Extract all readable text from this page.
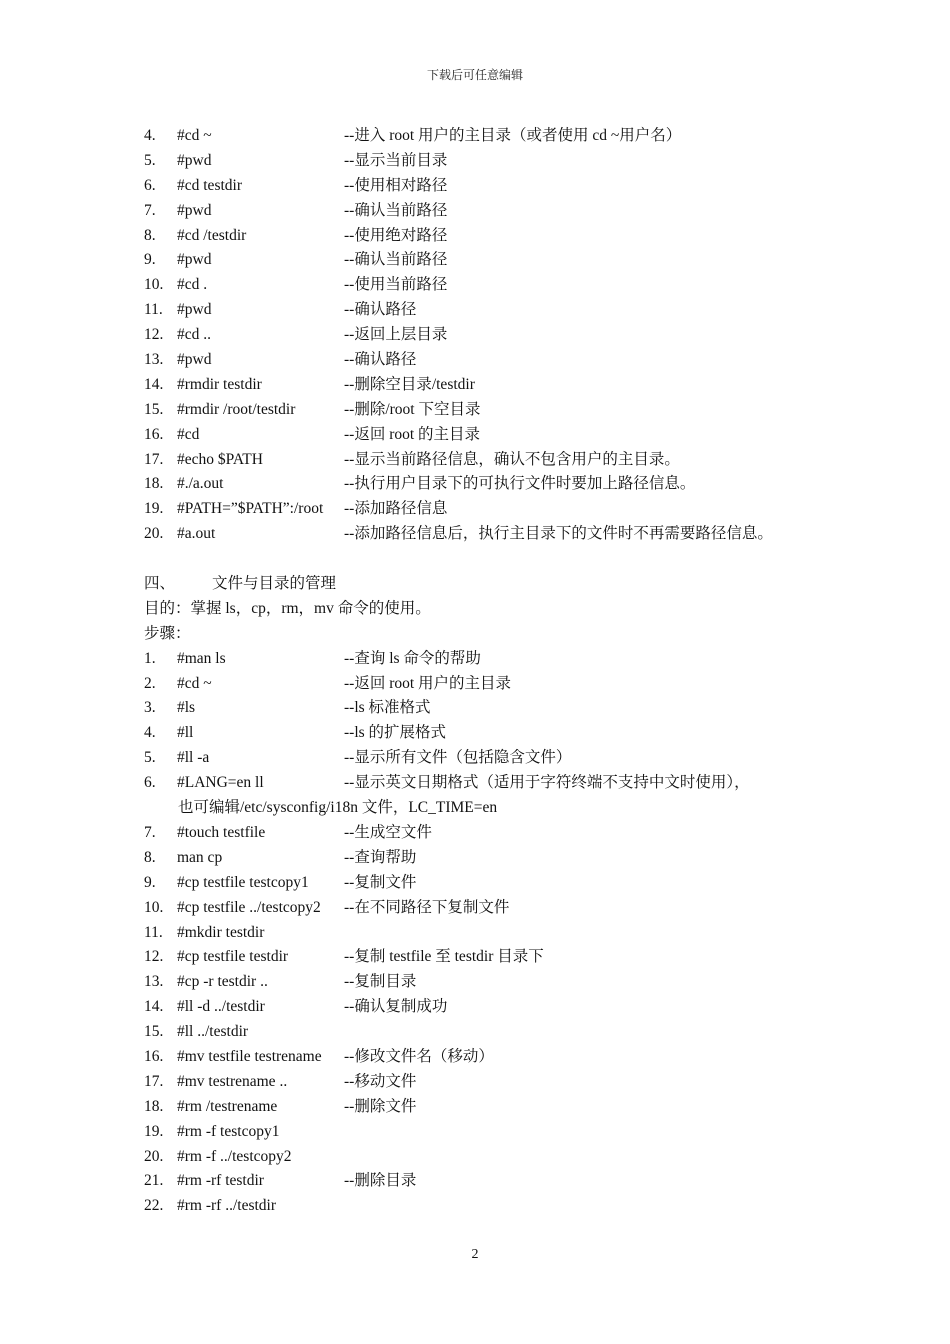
下载后可任意编辑
4. #cd ~	--进入 root 用户的主目录（或者使用 cd ~用户名）
5. #pwd	--显示当前目录
6. #cd testdir	--使用相对路径
7. #pwd	--确认当前路径
8. #cd /testdir	--使用绝对路径
9. #pwd	--确认当前路径
10. #cd .	--使用当前路径
11. #pwd	--确认路径
12. #cd ..	--返回上层目录
13. #pwd	--确认路径
14. #rmdir testdir	--删除空目录/testdir
15. #rmdir /root/testdir	--删除/root 下空目录
16. #cd	--返回 root 的主目录
17. #echo $PATH	--显示当前路径信息，确认不包含用户的主目录。
18. #./a.out	--执行用户目录下的可执行文件时要加上路径信息。
19. #PATH=”$PATH”:/root --添加路径信息
20. #a.out	--添加路径信息后，执行主目录下的文件时不再需要路径信息。
四、 文件与目录的管理
目的：掌握 ls，cp，rm，mv 命令的使用。
步骤：
1. #man ls	--查询 ls 命令的帮助
2. #cd ~	--返回 root 用户的主目录
3. #ls	--ls 标准格式
4. #ll	--ls 的扩展格式
5. #ll -a	--显示所有文件（包括隐含文件）
6. #LANG=en ll	--显示英文日期格式（适用于字符终端不支持中文时使用），
也可编辑/etc/sysconfig/i18n 文件，LC_TIME=en
7. #touch testfile	--生成空文件
8. man cp	--查询帮助
9. #cp testfile testcopy1 --复制文件
10. #cp testfile ../testcopy2 --在不同路径下复制文件
11. #mkdir testdir
12. #cp testfile testdir	--复制 testfile 至 testdir 目录下
13. #cp -r testdir ..	--复制目录
14. #ll -d ../testdir	--确认复制成功
15. #ll ../testdir
16. #mv testfile testrename --修改文件名（移动）
17. #mv testrename ..	--移动文件
18. #rm /testrename	--删除文件
19. #rm -f testcopy1
20. #rm -f ../testcopy2
21. #rm -rf testdir	--删除目录
22. #rm -rf ../testdir
2
